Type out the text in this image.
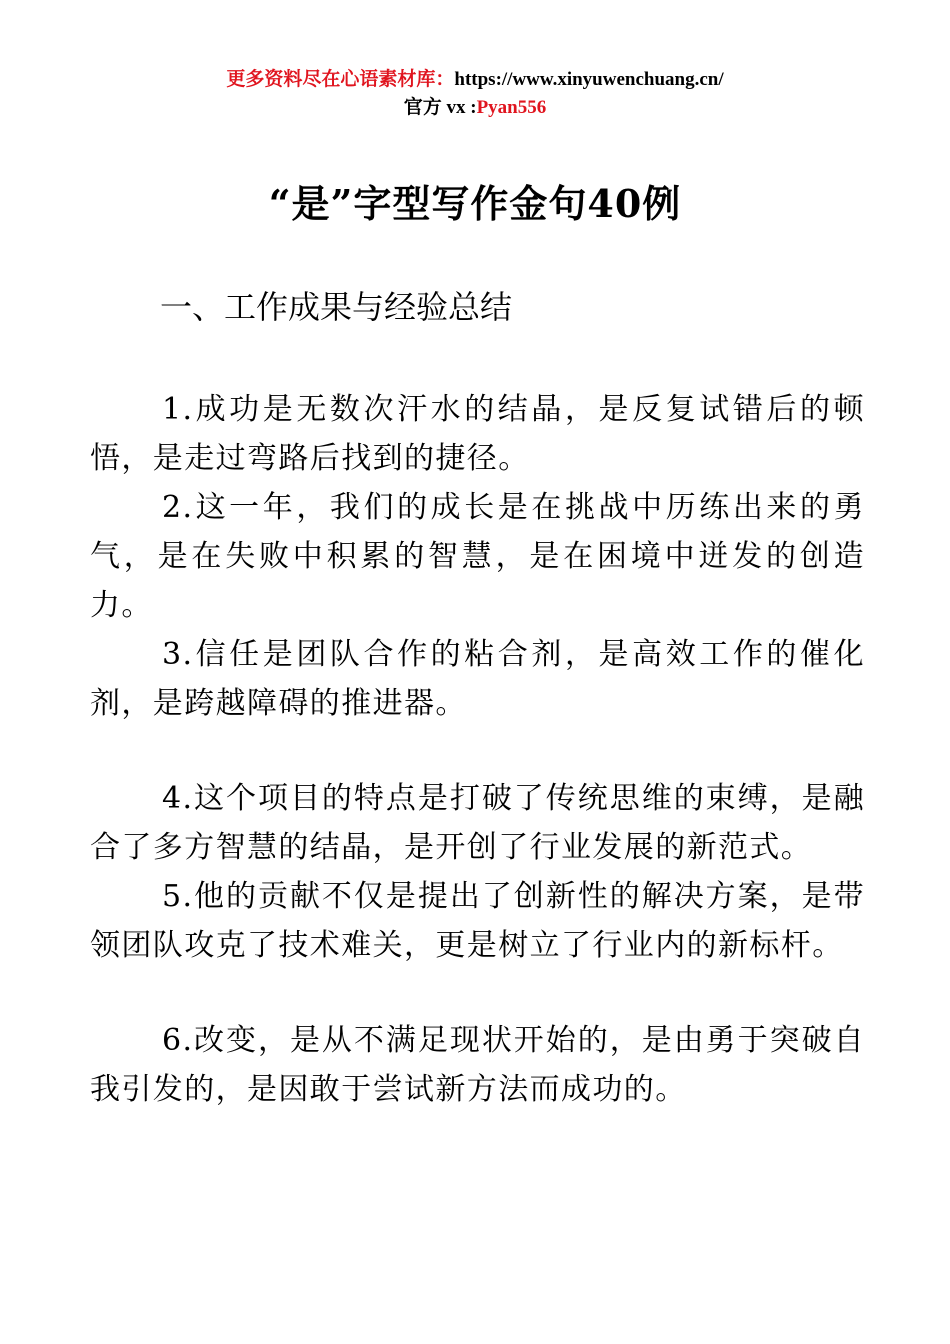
更多资料尽在心语素材库：https://www.xinyuwenchuang.cn/
官方 vx :Pyan556
“是”字型写作金句40例
一、工作成果与经验总结

1.成功是无数次汗水的结晶，是反复试错后的顿悟，是走过弯路后找到的捷径。

2.这一年，我们的成长是在挑战中历练出来的勇气，是在失败中积累的智慧，是在困境中迸发的创造力。

3.信任是团队合作的粘合剂，是高效工作的催化剂，是跨越障碍的推进器。

4.这个项目的特点是打破了传统思维的束缚，是融合了多方智慧的结晶，是开创了行业发展的新范式。

5.他的贡献不仅是提出了创新性的解决方案，是带领团队攻克了技术难关，更是树立了行业内的新标杆。

6.改变，是从不满足现状开始的，是由勇于突破自我引发的，是因敢于尝试新方法而成功的。
